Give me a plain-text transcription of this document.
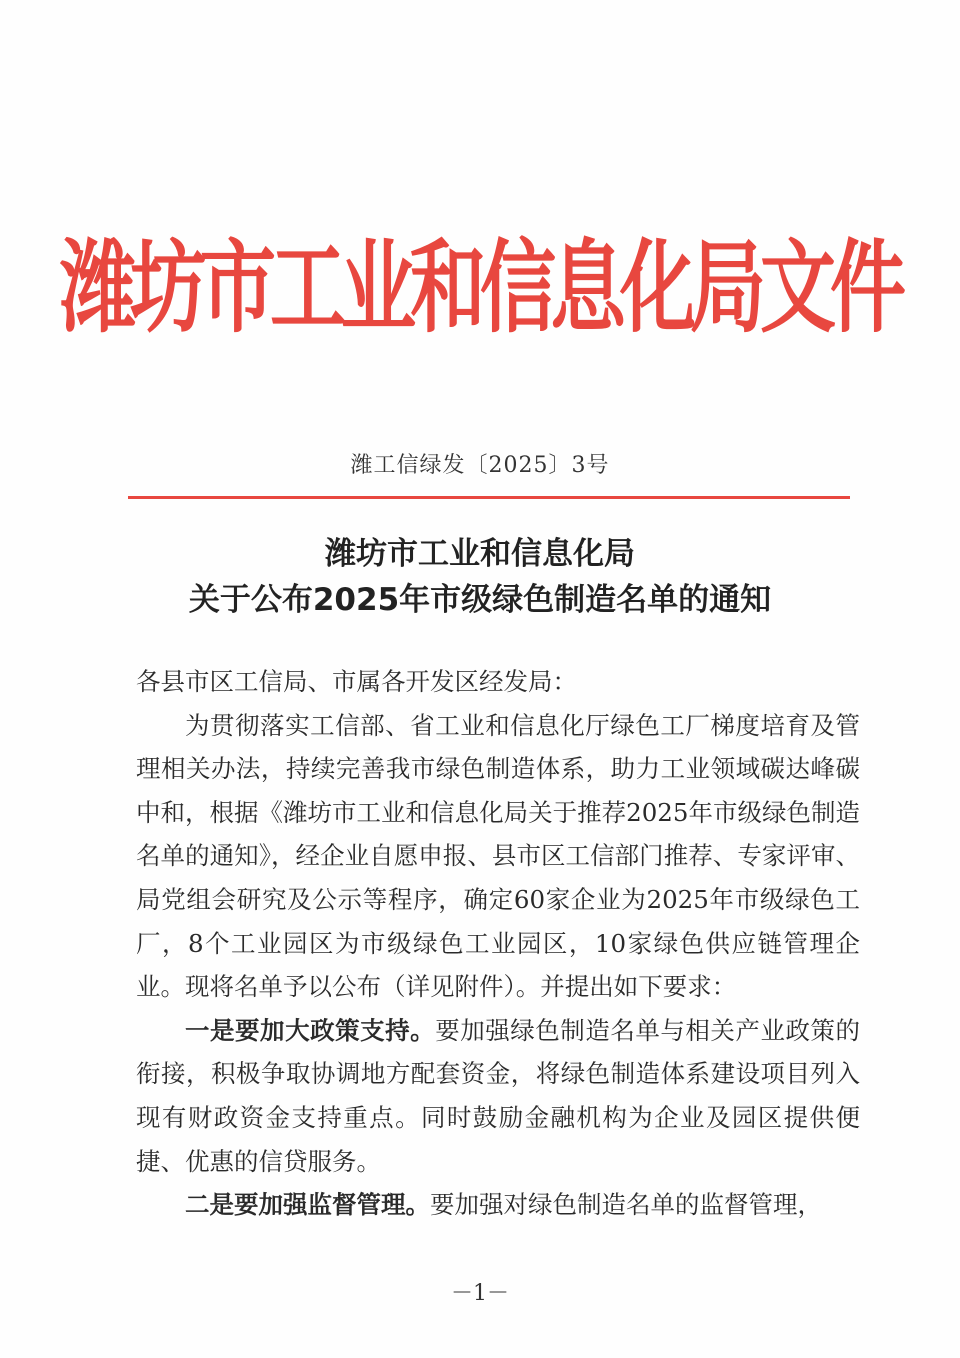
潍坊市工业和信息化局文件
潍工信绿发〔2025〕3号
潍坊市工业和信息化局
关于公布2025年市级绿色制造名单的通知

各县市区工信局、市属各开发区经发局：

为贯彻落实工信部、省工业和信息化厅绿色工厂梯度培育及管理相关办法，持续完善我市绿色制造体系，助力工业领域碳达峰碳中和，根据《潍坊市工业和信息化局关于推荐2025年市级绿色制造名单的通知》，经企业自愿申报、县市区工信部门推荐、专家评审、局党组会研究及公示等程序，确定60家企业为2025年市级绿色工厂，8个工业园区为市级绿色工业园区，10家绿色供应链管理企业。现将名单予以公布（详见附件）。并提出如下要求：

一是要加大政策支持。要加强绿色制造名单与相关产业政策的衔接，积极争取协调地方配套资金，将绿色制造体系建设项目列入现有财政资金支持重点。同时鼓励金融机构为企业及园区提供便捷、优惠的信贷服务。

二是要加强监督管理。要加强对绿色制造名单的监督管理，

－1－
